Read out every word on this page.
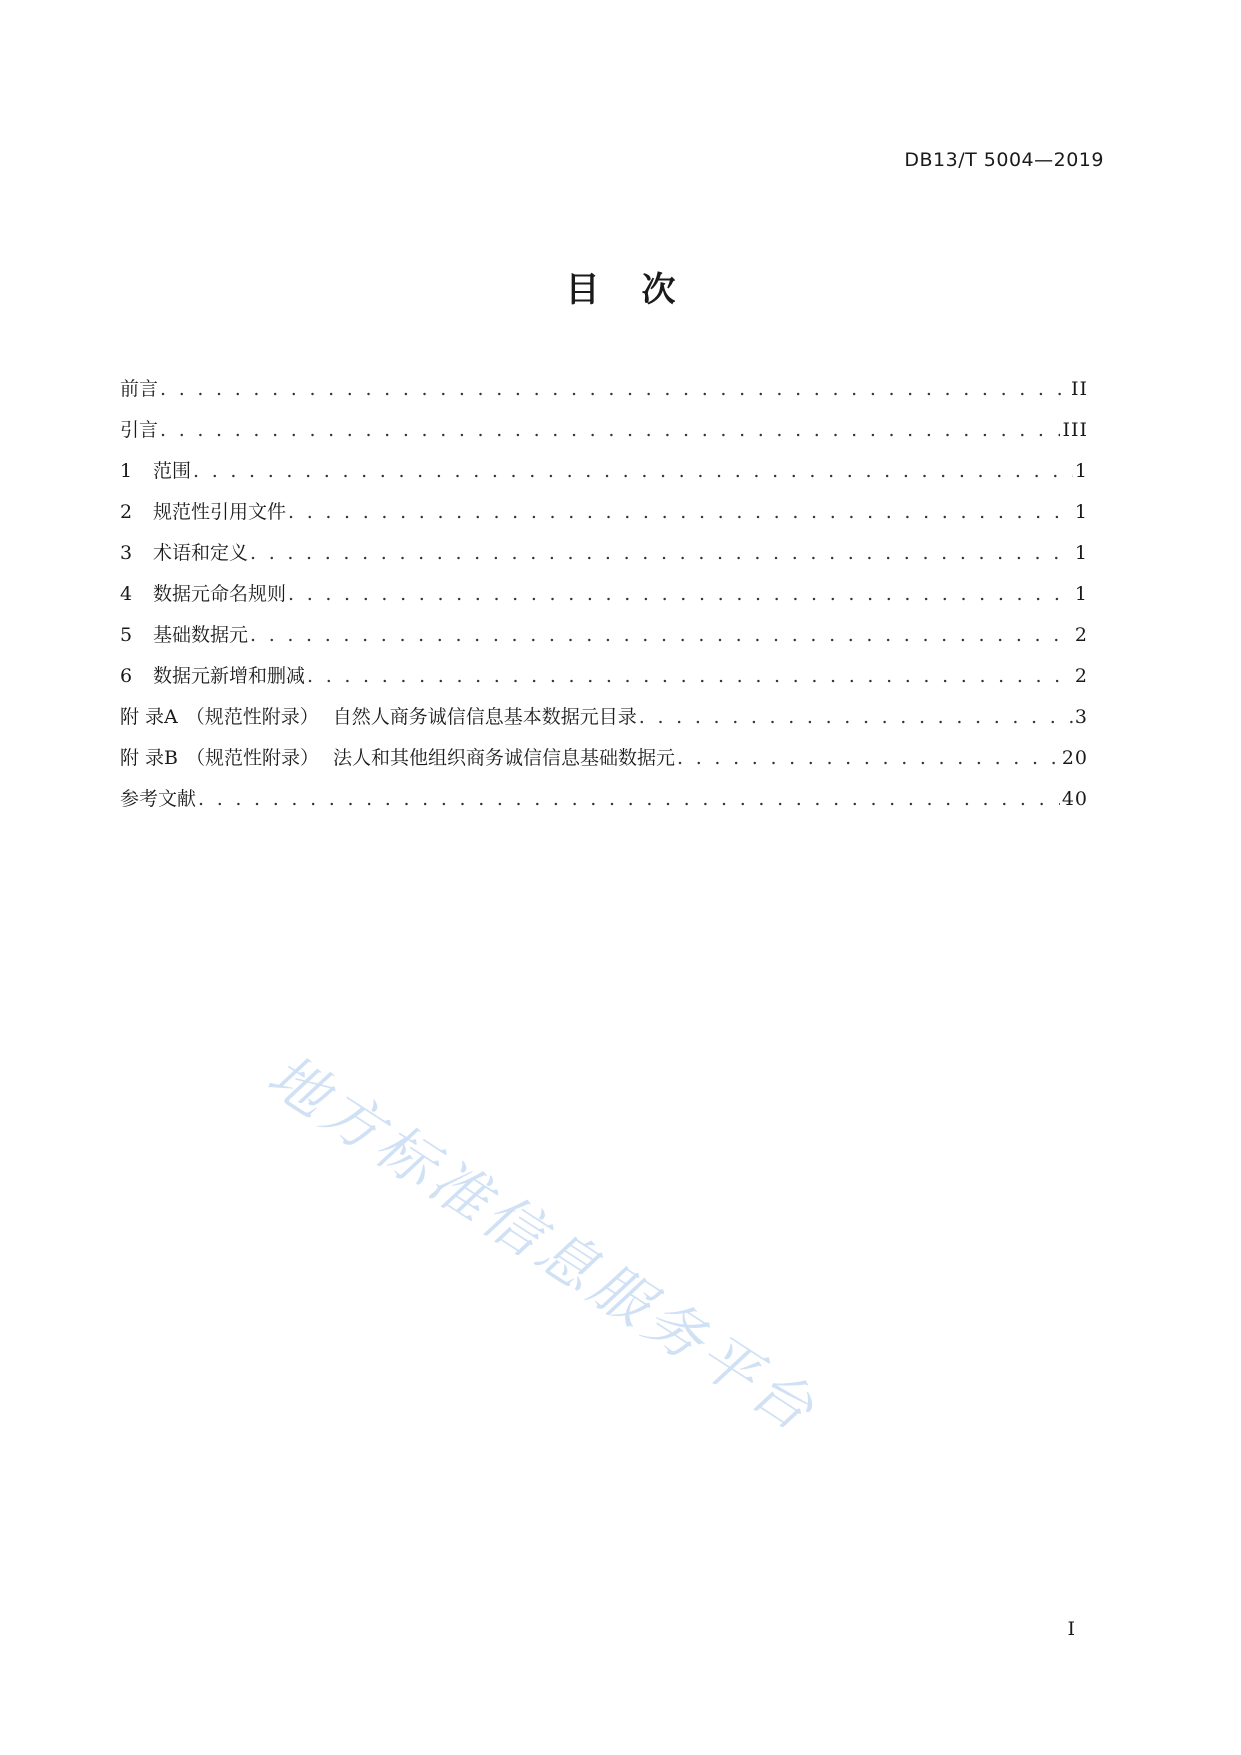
DB13/T 5004—2019
目次
前言 . . .	II
引言 . . .	III
1 范围 . . .	1
2 规范性引用文件 . . .	1
3 术语和定义 . . .	1
4 数据元命名规则 . . .	1
5 基础数据元 . . .	2
6 数据元新增和删减 . . .	2
附 录A （规范性附录） 自然人商务诚信信息基本数据元目录 . . .	3
附 录B （规范性附录） 法人和其他组织商务诚信信息基础数据元 . . .	20
参考文献 . . .	40
地方标准信息服务平台
I
